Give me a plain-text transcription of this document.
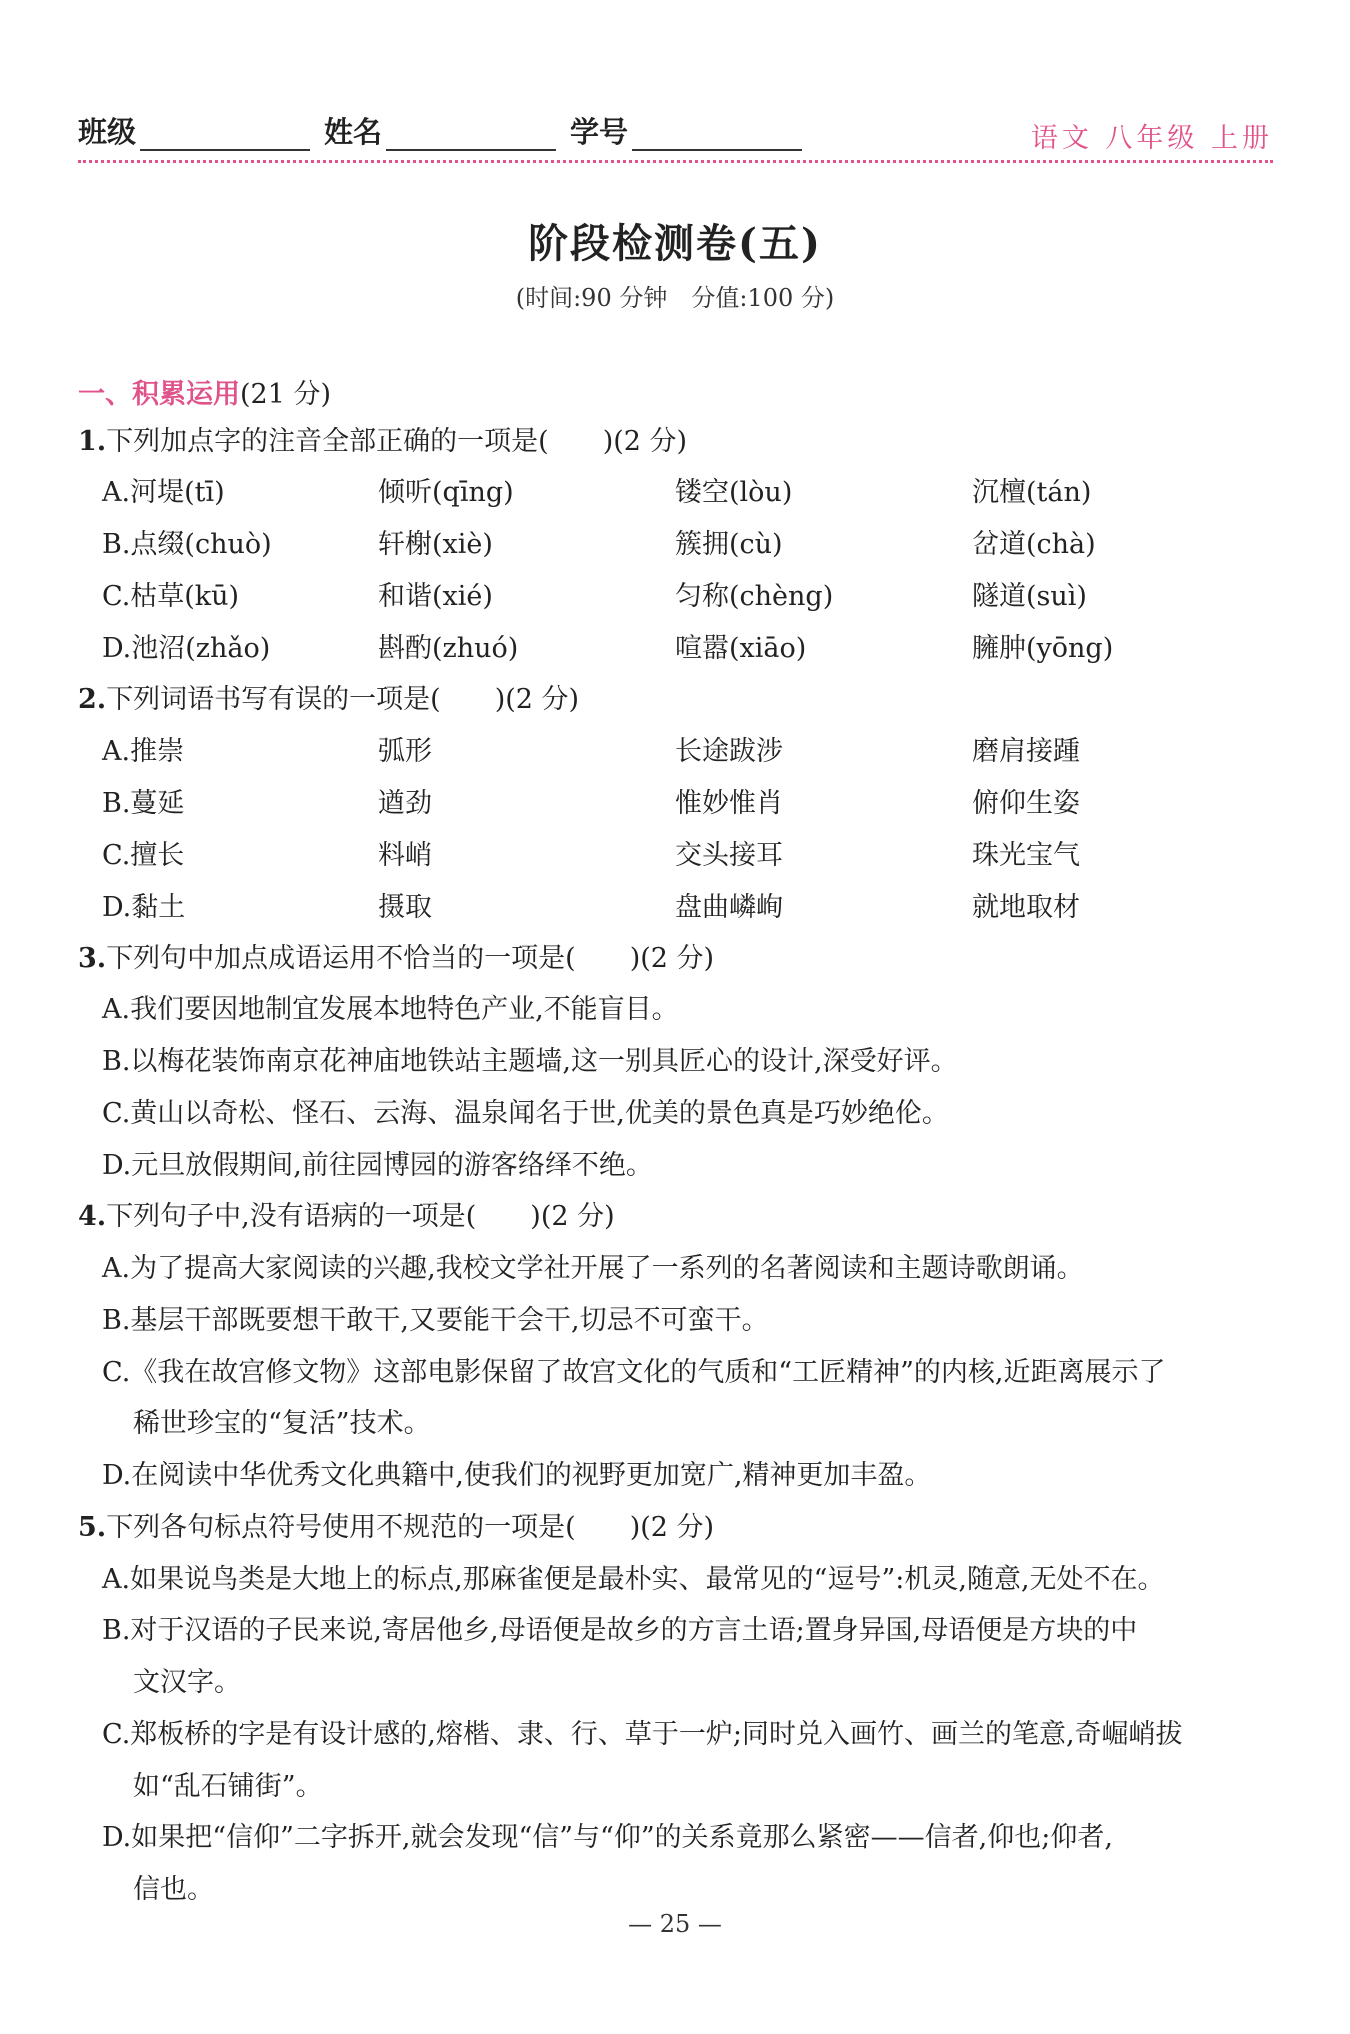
班级	姓名	学号	语文 八年级 上册
阶段检测卷(五)
(时间:90 分钟　分值:100 分)
一、积累运用(21 分)
1.下列加点字的注音全部正确的一项是(　　)(2 分)
A.河堤(tī)	倾听(qīng)	镂空(lòu)	沉檀(tán)
B.点缀(chuò)	轩榭(xiè)	簇拥(cù)	岔道(chà)
C.枯草(kū)	和谐(xié)	匀称(chèng)	隧道(suì)
D.池沼(zhǎo)	斟酌(zhuó)	喧嚣(xiāo)	臃肿(yōng)
2.下列词语书写有误的一项是(　　)(2 分)
A.推崇	弧形	长途跋涉	磨肩接踵
B.蔓延	遒劲	惟妙惟肖	俯仰生姿
C.擅长	料峭	交头接耳	珠光宝气
D.黏土	摄取	盘曲嶙峋	就地取材
3.下列句中加点成语运用不恰当的一项是(　　)(2 分)
A.我们要因地制宜发展本地特色产业,不能盲目。
B.以梅花装饰南京花神庙地铁站主题墙,这一别具匠心的设计,深受好评。
C.黄山以奇松、怪石、云海、温泉闻名于世,优美的景色真是巧妙绝伦。
D.元旦放假期间,前往园博园的游客络绎不绝。
4.下列句子中,没有语病的一项是(　　)(2 分)
A.为了提高大家阅读的兴趣,我校文学社开展了一系列的名著阅读和主题诗歌朗诵。
B.基层干部既要想干敢干,又要能干会干,切忌不可蛮干。
C.《我在故宫修文物》这部电影保留了故宫文化的气质和“工匠精神”的内核,近距离展示了
稀世珍宝的“复活”技术。
D.在阅读中华优秀文化典籍中,使我们的视野更加宽广,精神更加丰盈。
5.下列各句标点符号使用不规范的一项是(　　)(2 分)
A.如果说鸟类是大地上的标点,那麻雀便是最朴实、最常见的“逗号”:机灵,随意,无处不在。
B.对于汉语的子民来说,寄居他乡,母语便是故乡的方言土语;置身异国,母语便是方块的中
文汉字。
C.郑板桥的字是有设计感的,熔楷、隶、行、草于一炉;同时兑入画竹、画兰的笔意,奇崛峭拔
如“乱石铺街”。
D.如果把“信仰”二字拆开,就会发现“信”与“仰”的关系竟那么紧密——信者,仰也;仰者,
信也。
— 25 —
